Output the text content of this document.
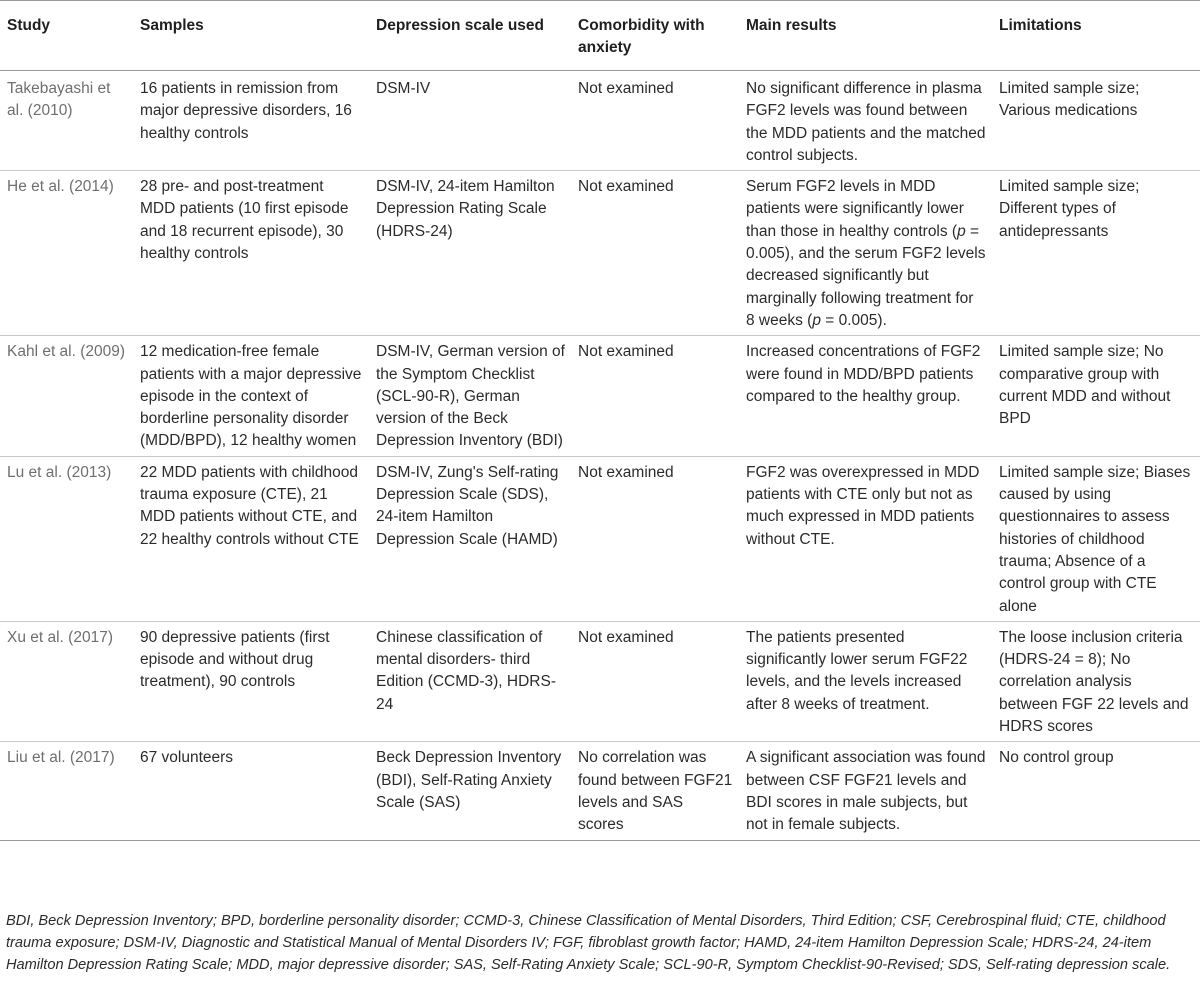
Study	Samples	Depression scale used	Comorbidity with anxiety	Main results	Limitations
Takebayashi et al. (2010)	16 patients in remission from major depressive disorders, 16 healthy controls	DSM-IV	Not examined	No significant difference in plasma FGF2 levels was found between the MDD patients and the matched control subjects.	Limited sample size; Various medications
He et al. (2014)	28 pre- and post-treatment MDD patients (10 first episode and 18 recurrent episode), 30 healthy controls	DSM-IV, 24-item Hamilton Depression Rating Scale (HDRS-24)	Not examined	Serum FGF2 levels in MDD patients were significantly lower than those in healthy controls (p = 0.005), and the serum FGF2 levels decreased significantly but marginally following treatment for 8 weeks (p = 0.005).	Limited sample size; Different types of antidepressants
Kahl et al. (2009)	12 medication-free female patients with a major depressive episode in the context of borderline personality disorder (MDD/BPD), 12 healthy women	DSM-IV, German version of the Symptom Checklist (SCL-90-R), German version of the Beck Depression Inventory (BDI)	Not examined	Increased concentrations of FGF2 were found in MDD/BPD patients compared to the healthy group.	Limited sample size; No comparative group with current MDD and without BPD
Lu et al. (2013)	22 MDD patients with childhood trauma exposure (CTE), 21 MDD patients without CTE, and 22 healthy controls without CTE	DSM-IV, Zung's Self-rating Depression Scale (SDS), 24-item Hamilton Depression Scale (HAMD)	Not examined	FGF2 was overexpressed in MDD patients with CTE only but not as much expressed in MDD patients without CTE.	Limited sample size; Biases caused by using questionnaires to assess histories of childhood trauma; Absence of a control group with CTE alone
Xu et al. (2017)	90 depressive patients (first episode and without drug treatment), 90 controls	Chinese classification of mental disorders- third Edition (CCMD-3), HDRS-24	Not examined	The patients presented significantly lower serum FGF22 levels, and the levels increased after 8 weeks of treatment.	The loose inclusion criteria (HDRS-24 = 8); No correlation analysis between FGF 22 levels and HDRS scores
Liu et al. (2017)	67 volunteers	Beck Depression Inventory (BDI), Self-Rating Anxiety Scale (SAS)	No correlation was found between FGF21 levels and SAS scores	A significant association was found between CSF FGF21 levels and BDI scores in male subjects, but not in female subjects.	No control group
BDI, Beck Depression Inventory; BPD, borderline personality disorder; CCMD-3, Chinese Classification of Mental Disorders, Third Edition; CSF, Cerebrospinal fluid; CTE, childhood trauma exposure; DSM-IV, Diagnostic and Statistical Manual of Mental Disorders IV; FGF, fibroblast growth factor; HAMD, 24-item Hamilton Depression Scale; HDRS-24, 24-item Hamilton Depression Rating Scale; MDD, major depressive disorder; SAS, Self-Rating Anxiety Scale; SCL-90-R, Symptom Checklist-90-Revised; SDS, Self-rating depression scale.
